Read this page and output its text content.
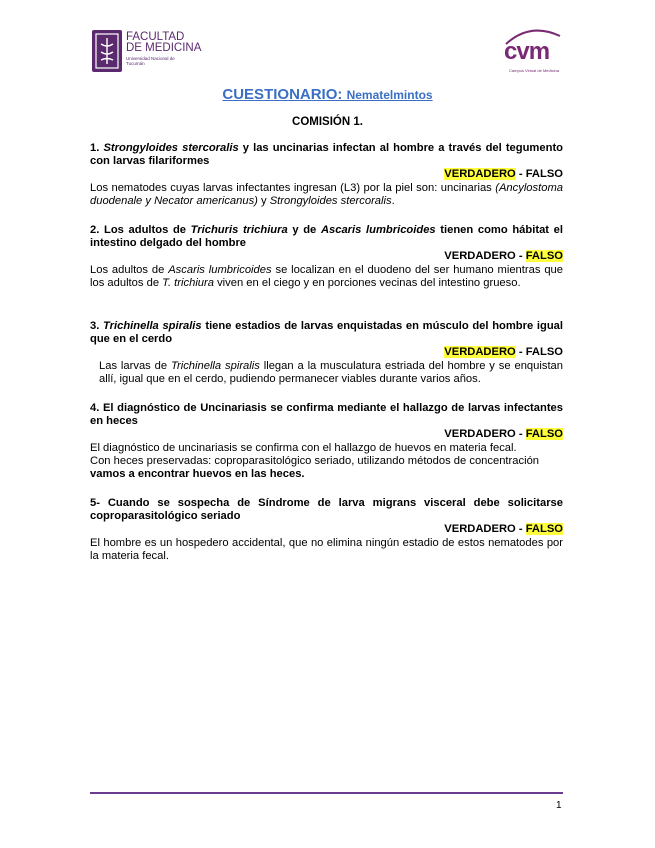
FACULTAD
DE MEDICINA
Universidad Nacional de Tucumán	cvm
Campus Virtual de Medicina
CUESTIONARIO: Nematelmintos
COMISIÓN 1.
1. Strongyloides stercoralis y las uncinarias infectan al hombre a través del tegumento con larvas filariformes
VERDADERO - FALSO
Los nematodes cuyas larvas infectantes ingresan (L3) por la piel son: uncinarias (Ancylostoma duodenale y Necator americanus) y Strongyloides stercoralis.
2. Los adultos de Trichuris trichiura y de Ascaris lumbricoides tienen como hábitat el intestino delgado del hombre
VERDADERO - FALSO
Los adultos de Ascaris lumbricoides se localizan en el duodeno del ser humano mientras que los adultos de T. trichiura viven en el ciego y en porciones vecinas del intestino grueso.
3. Trichinella spiralis tiene estadios de larvas enquistadas en músculo del hombre igual que en el cerdo
VERDADERO - FALSO
Las larvas de Trichinella spiralis llegan a la musculatura estriada del hombre y se enquistan allí, igual que en el cerdo, pudiendo permanecer viables durante varios años.
4. El diagnóstico de Uncinariasis se confirma mediante el hallazgo de larvas infectantes en heces
VERDADERO - FALSO
El diagnóstico de uncinariasis se confirma con el hallazgo de huevos en materia fecal.
Con heces preservadas: coproparasitológico seriado, utilizando métodos de concentración
vamos a encontrar huevos en las heces.
5- Cuando se sospecha de Síndrome de larva migrans visceral debe solicitarse coproparasitológico seriado
VERDADERO - FALSO
El hombre es un hospedero accidental, que no elimina ningún estadio de estos nematodes por la materia fecal.
1
